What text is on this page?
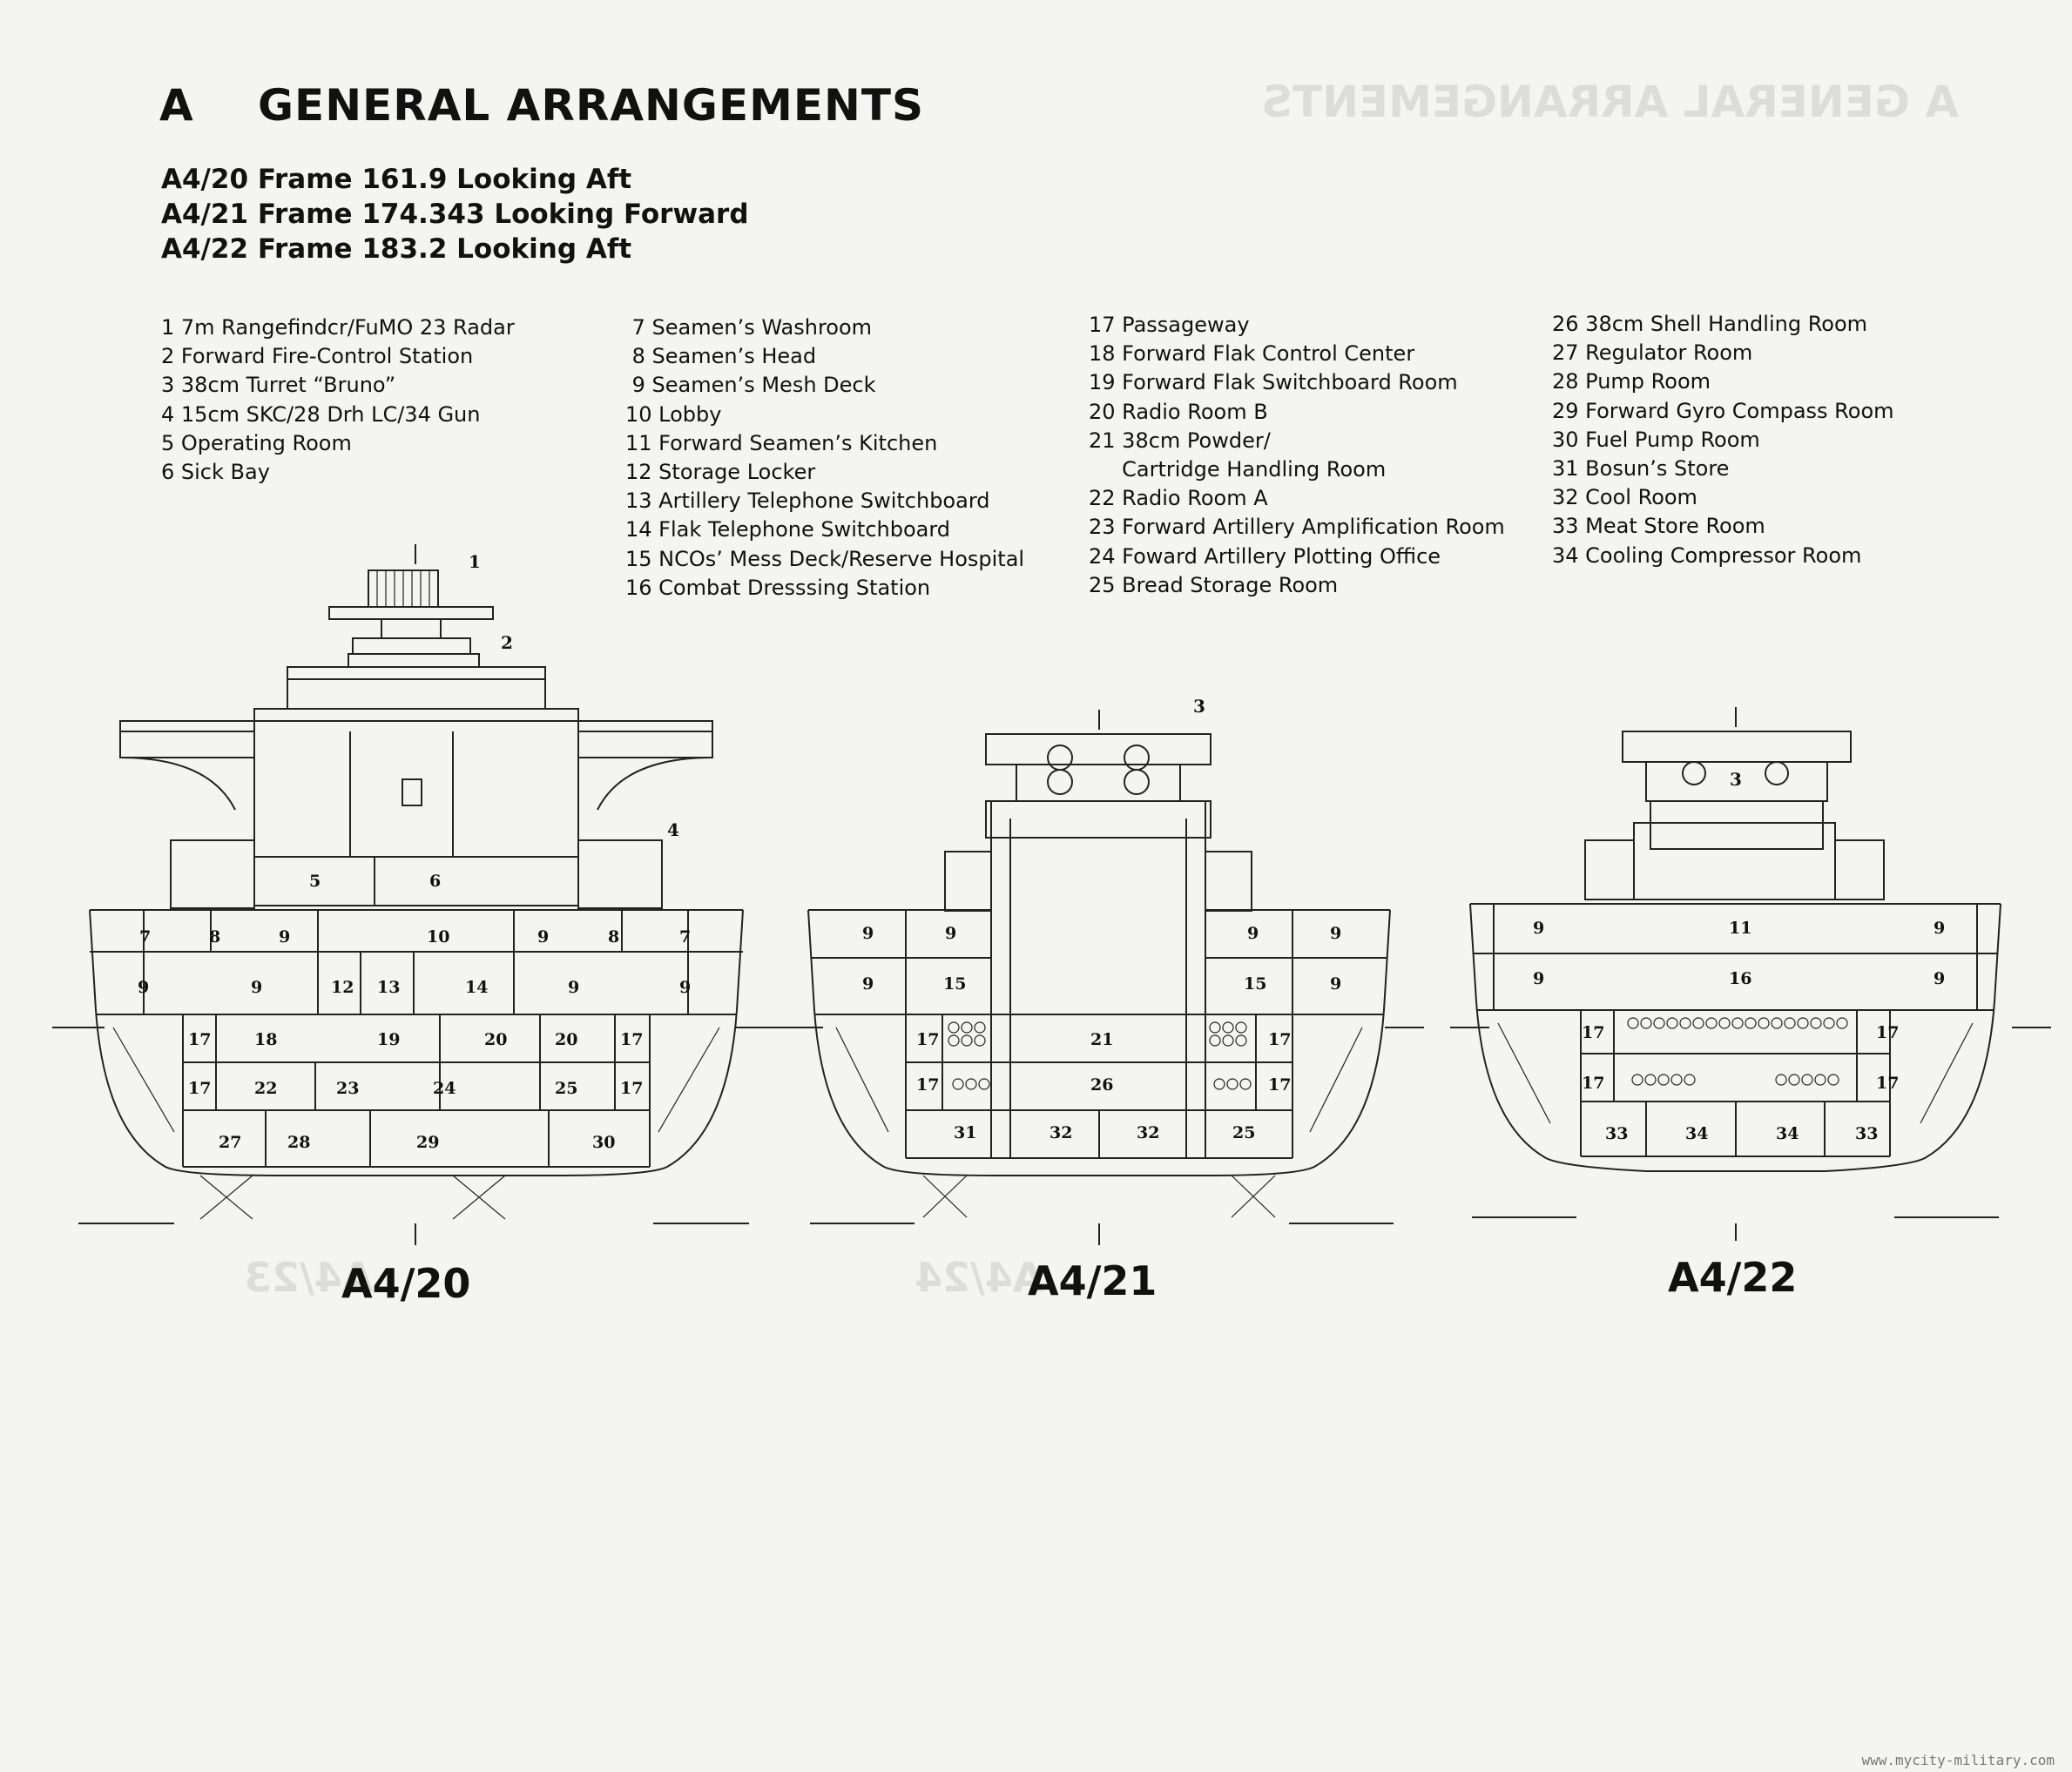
A GENERAL ARRANGEMENTS
A4/23	A4/24
A GENERAL ARRANGEMENTS
A4/20 Frame 161.9 Looking Aft
A4/21 Frame 174.343 Looking Forward
A4/22 Frame 183.2 Looking Aft
1 7m Rangefindcr/FuMO 23 Radar
2 Forward Fire-Control Station
3 38cm Turret “Bruno”
4 15cm SKC/28 Drh LC/34 Gun
5 Operating Room
6 Sick Bay
7 Seamen’s Washroom
8 Seamen’s Head
9 Seamen’s Mesh Deck
10 Lobby
11 Forward Seamen’s Kitchen
12 Storage Locker
13 Artillery Telephone Switchboard
14 Flak Telephone Switchboard
15 NCOs’ Mess Deck/Reserve Hospital
16 Combat Dresssing Station
17 Passageway
18 Forward Flak Control Center
19 Forward Flak Switchboard Room
20 Radio Room B
21 38cm Powder/
Cartridge Handling Room
22 Radio Room A
23 Forward Artillery Amplification Room
24 Foward Artillery Plotting Office
25 Bread Storage Room
26 38cm Shell Handling Room
27 Regulator Room
28 Pump Room
29 Forward Gyro Compass Room
30 Fuel Pump Room
31 Bosun’s Store
32 Cool Room
33 Meat Store Room
34 Cooling Compressor Room
1
2
4
5	6
7	8	9	10	9	8	7
9	9	12 13	14	9	9
17	18	19	20	20	17
17	22	23	24	25	17
27	28	29	30
A4/20
3
9	9	9	9
9	15	15	9
17	21	17
17	26	17
31	32	32	25
A4/21
3
9	11	9
9	16	9
17	17
17	17
33	34	34	33
A4/22
www.mycity-military.com
